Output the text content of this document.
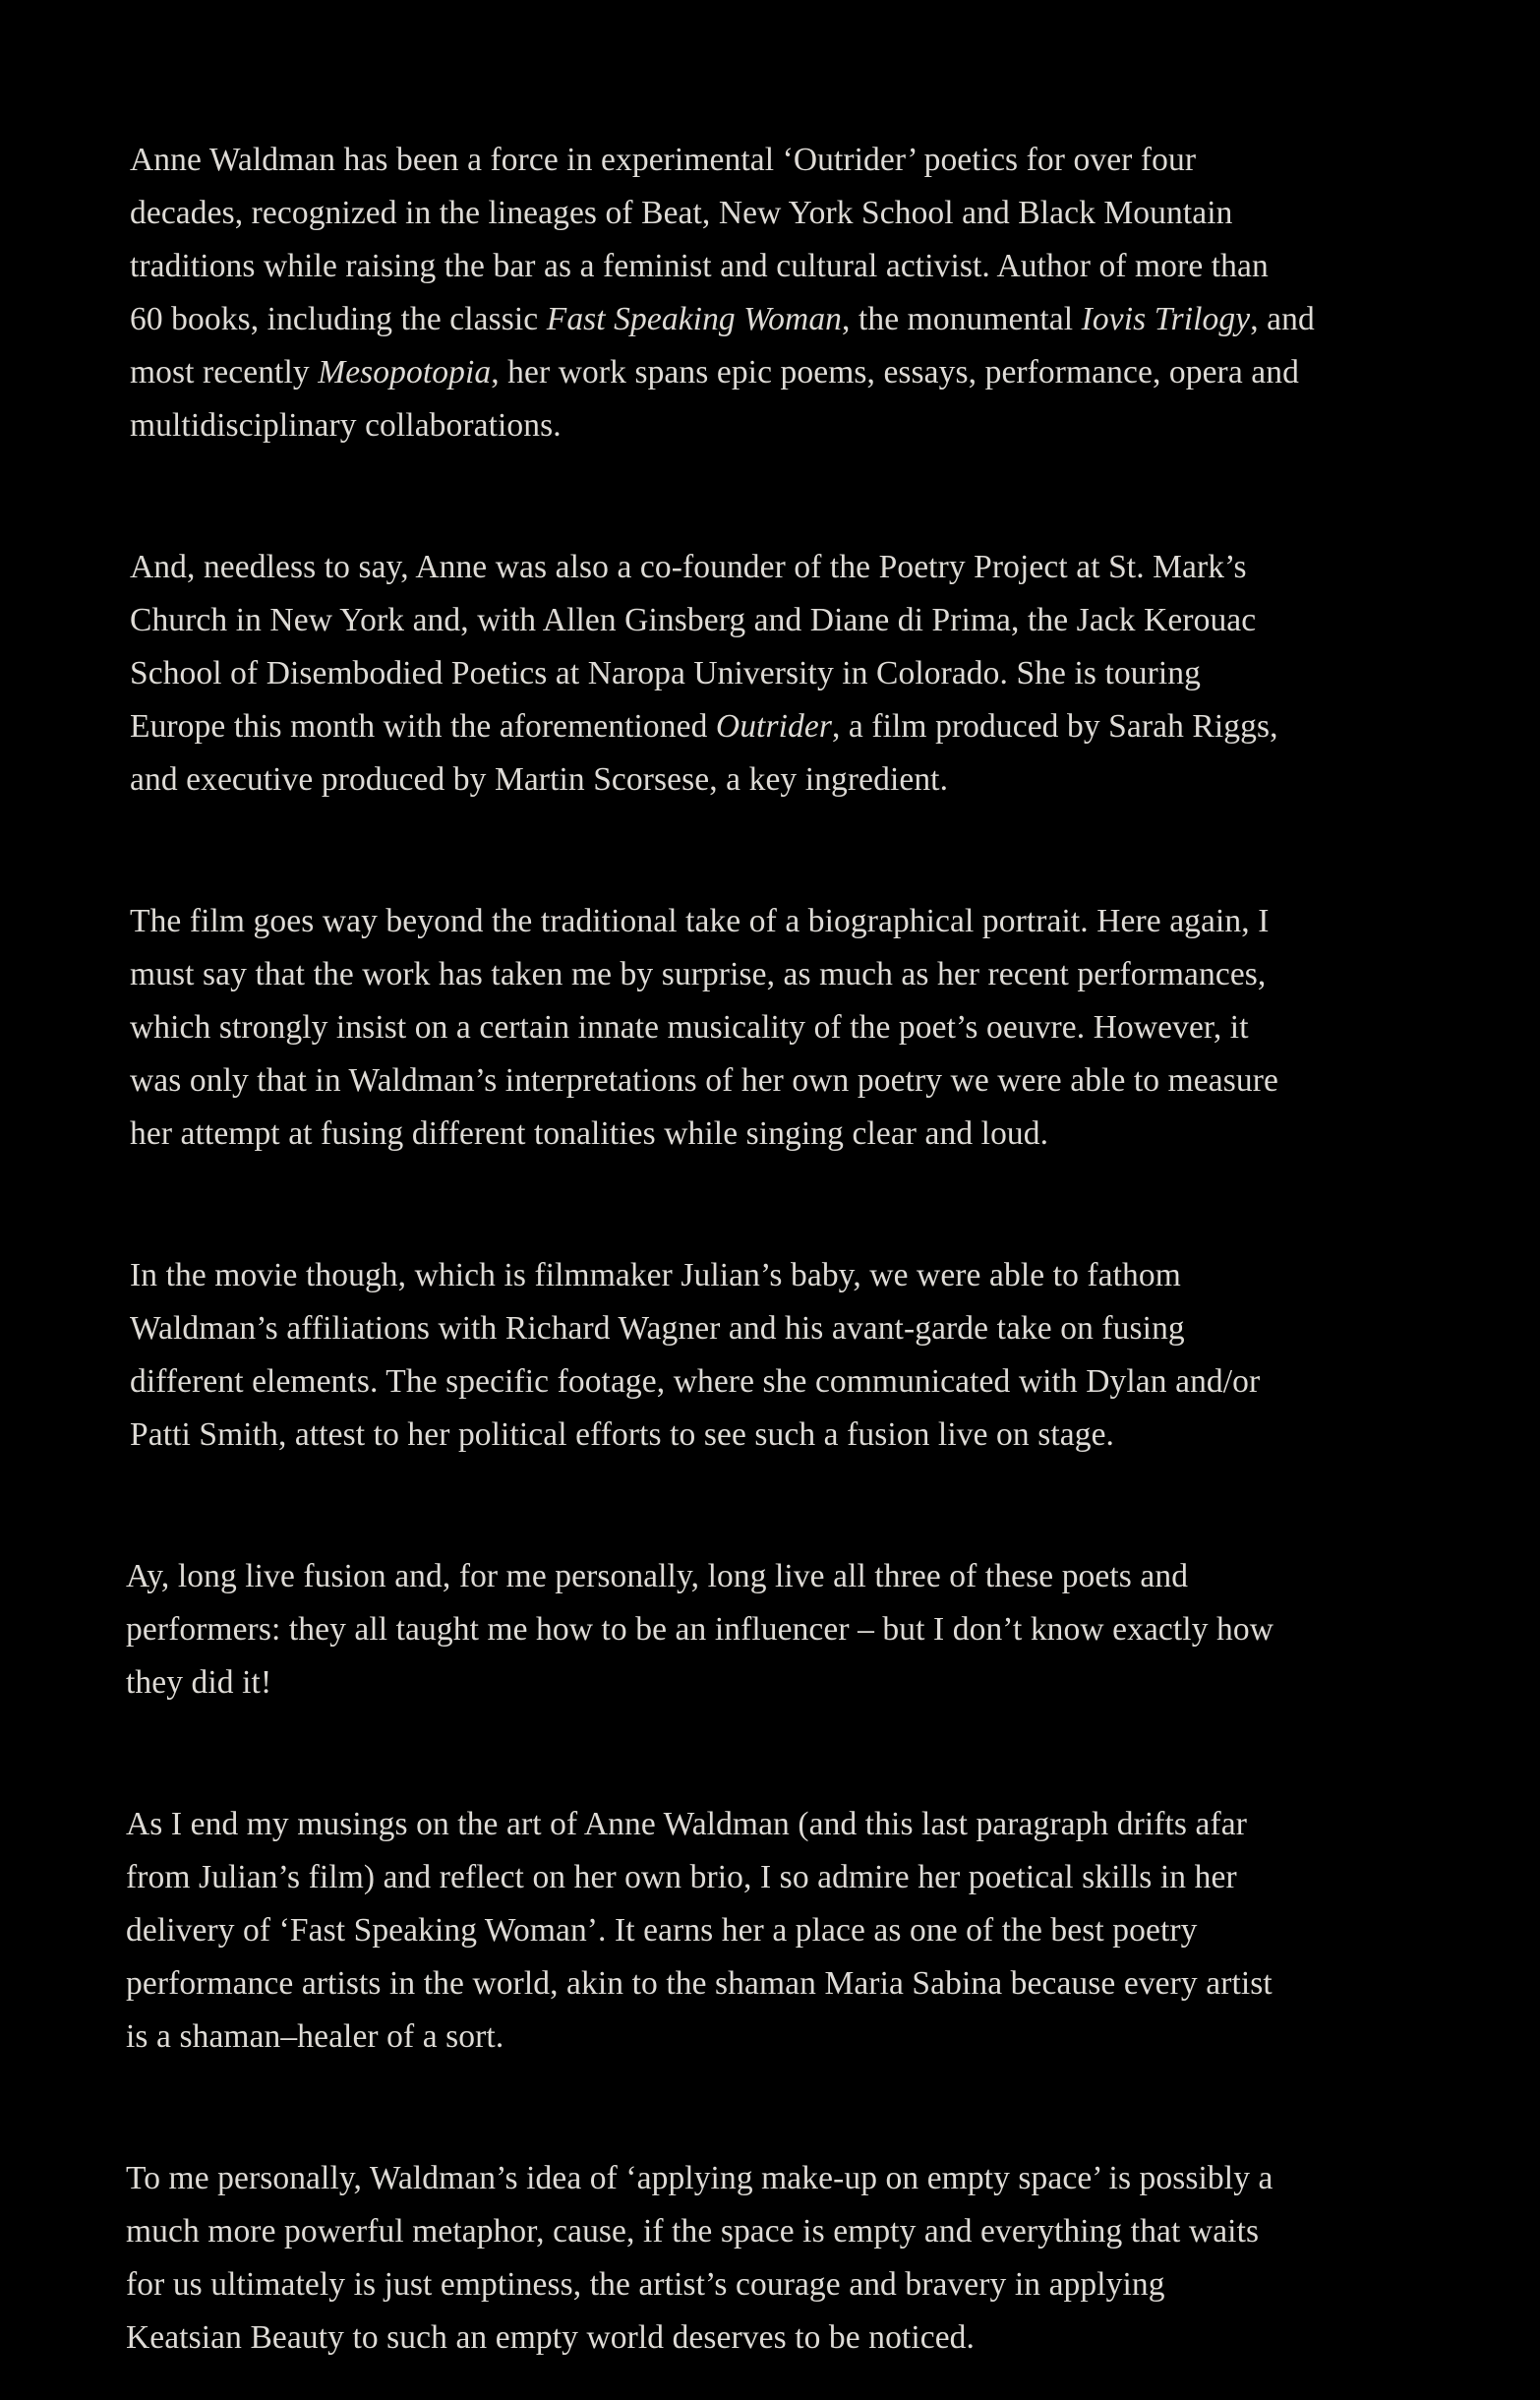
Anne Waldman has been a force in experimental ‘Outrider’ poetics for over four
decades, recognized in the lineages of Beat, New York School and Black Mountain
traditions while raising the bar as a feminist and cultural activist. Author of more than
60 books, including the classic Fast Speaking Woman, the monumental Iovis Trilogy, and
most recently Mesopotopia, her work spans epic poems, essays, performance, opera and
multidisciplinary collaborations.

And, needless to say, Anne was also a co-founder of the Poetry Project at St. Mark’s
Church in New York and, with Allen Ginsberg and Diane di Prima, the Jack Kerouac
School of Disembodied Poetics at Naropa University in Colorado. She is touring
Europe this month with the aforementioned Outrider, a film produced by Sarah Riggs,
and executive produced by Martin Scorsese, a key ingredient.

The film goes way beyond the traditional take of a biographical portrait. Here again, I
must say that the work has taken me by surprise, as much as her recent performances,
which strongly insist on a certain innate musicality of the poet’s oeuvre. However, it
was only that in Waldman’s interpretations of her own poetry we were able to measure
her attempt at fusing different tonalities while singing clear and loud.

In the movie though, which is filmmaker Julian’s baby, we were able to fathom
Waldman’s affiliations with Richard Wagner and his avant-garde take on fusing
different elements. The specific footage, where she communicated with Dylan and/or
Patti Smith, attest to her political efforts to see such a fusion live on stage.

Ay, long live fusion and, for me personally, long live all three of these poets and
performers: they all taught me how to be an influencer – but I don’t know exactly how
they did it!

As I end my musings on the art of Anne Waldman (and this last paragraph drifts afar
from Julian’s film) and reflect on her own brio, I so admire her poetical skills in her
delivery of ‘Fast Speaking Woman’. It earns her a place as one of the best poetry
performance artists in the world, akin to the shaman Maria Sabina because every artist
is a shaman–healer of a sort.

To me personally, Waldman’s idea of ‘applying make-up on empty space’ is possibly a
much more powerful metaphor, cause, if the space is empty and everything that waits
for us ultimately is just emptiness, the artist’s courage and bravery in applying
Keatsian Beauty to such an empty world deserves to be noticed.
